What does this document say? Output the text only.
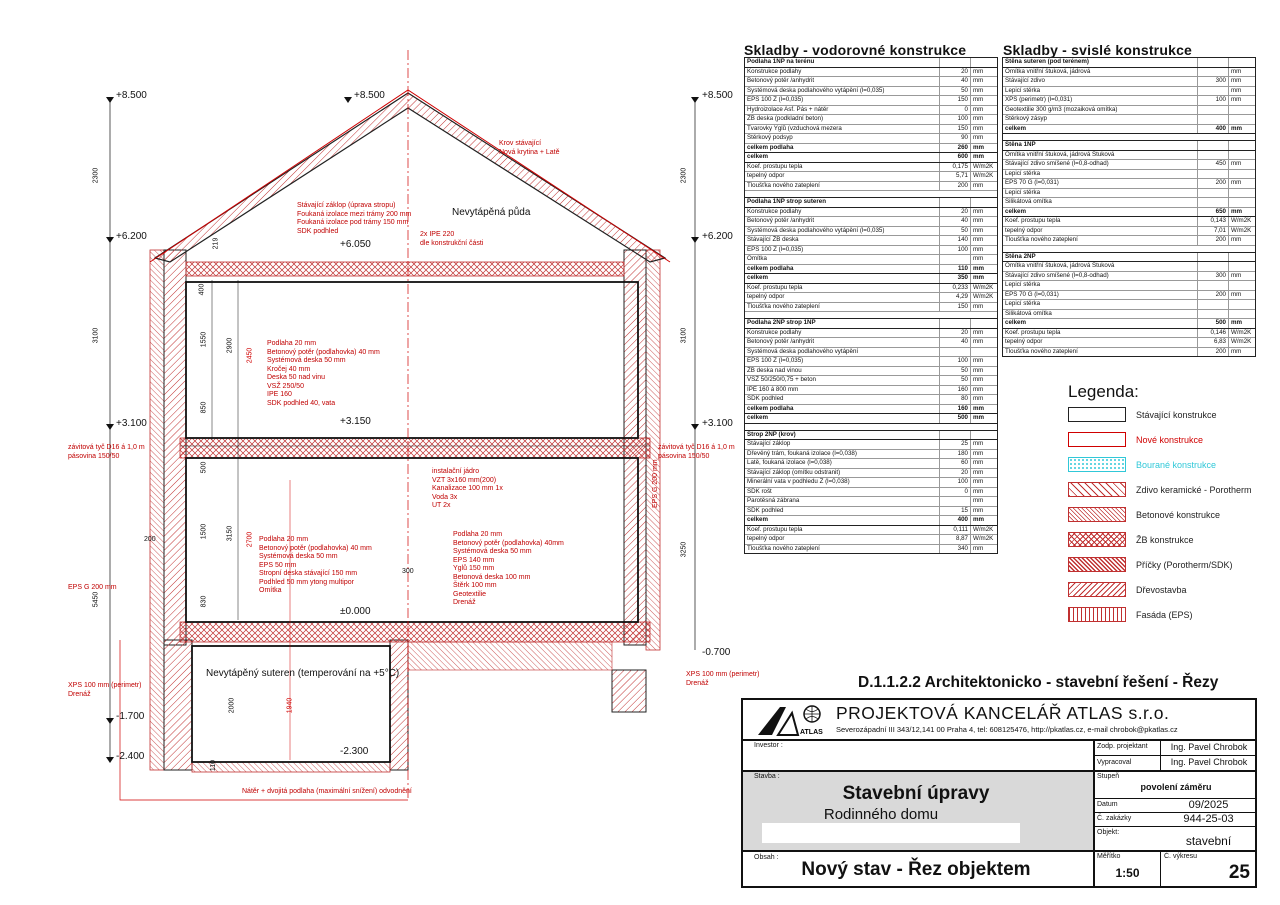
+8.500	+8.500	+8.500
+6.200	+6.200
+6.050
+3.100	+3.100
+3.150
±0.000
-0.700
-1.700
-2.400	-2.300
Nevytápěná půda
Nevytápěný suteren (temperování na +5°C)
2300
3100
5450
2300
3100
3250
1550	2900
2450
850
500
1500	3150 2700
830
2000	1940
200
300
219
400
110
Krov stávající
Nová krytina + Latě
Stávající záklop (úprava stropu)
Foukaná izolace mezi trámy 200 mm
Foukaná izolace pod trámy 150 mm
SDK podhled	2x IPE 220
dle konstrukční části
Podlaha 20 mm
Betonový potěr (podlahovka) 40 mm
Systémová deska 50 mm
Kročej 40 mm
Deska 50 nad vinu
VSŽ 250/50
IPE 160
SDK podhled 40, vata
závitová tyč D16 á 1,0 m
pásovina 150/50
závitová tyč D16 á 1,0 m
pásovina 150/50
instalační jádro
VZT 3x160 mm(200)
Kanalizace 100 mm 1x
Voda 3x
UT 2x
Podlaha 20 mm
Betonový potěr (podlahovka) 40 mm
Systémová deska 50 mm
EPS 50 mm
Stropní deska stávající 150 mm
Podhled 50 mm ytong multipor
Omítka
Podlaha 20 mm
Betonový potěr (podlahovka) 40mm
Systémová deska 50 mm
EPS 140 mm
Yglů 150 mm
Betonová deska 100 mm
Štěrk 100 mm
Geotextilie
Drenáž
XPS 100 mm (perimetr)
Drenáž
XPS 100 mm (perimetr)
Drenáž
EPS G 200 mm
EPS G 200 mm
Nátěr + dvojitá podlaha (maximální snížení) odvodnění
Skladby - vodorovné konstrukce	Skladby - svislé konstrukce
Podlaha 1NP na terénu
Konstrukce podlahy	20 mm
Betonový potěr /anhydrit	40 mm
Systémová deska podlahového vytápění (l=0,035)	50 mm
EPS 100 Z (l=0,035)	150 mm
Hydroizolace Asf. Pás + nátěr	0 mm
ŽB deska (podkladní beton)	100 mm
Tvarovky Yglů (vzduchová mezera	150 mm
Štěrkový podsyp	90 mm
celkem podlaha	260 mm
celkem	600 mm
Koef. prostupu tepla	0,175 W/m2K
tepelný odpor	5,71 W/m2K
Tloušťka nového zateplení	200 mm
Podlaha 1NP strop suteren
Konstrukce podlahy	20 mm
Betonový potěr /anhydrit	40 mm
Systémová deska podlahového vytápění (l=0,035)	50 mm
Stávající ŽB deska	140 mm
EPS 100 Z (l=0,035)	100 mm
Omítka	mm
celkem podlaha	110 mm
celkem	350 mm
Koef. prostupu tepla	0,233 W/m2K
tepelný odpor	4,29 W/m2K
Tloušťka nového zateplení	150 mm
Podlaha 2NP strop 1NP
Konstrukce podlahy	20 mm
Betonový potěr /anhydrit	40 mm
Systémová deska podlahového vytápění
EPS 100 Z (l=0,035)	100 mm
ŽB deska nad vinou	50 mm
VSŽ 50/250/0,75 + beton	50 mm
IPE 160 á 800 mm	160 mm
SDK podhled	80 mm
celkem podlaha	160 mm
celkem	500 mm
Strop 2NP (krov)
Stávající záklop	25 mm
Dřevěný trám, foukaná izolace (l=0,038)	180 mm
Latě, foukaná izolace (l=0,038)	60 mm
Stávající záklop (omítku odstranit)	20 mm
Minerální vata v podhledu Z (l=0,038)	100 mm
SDK rošt	0 mm
Parotěsná zábrana	mm
SDK podhled	15 mm
celkem	400 mm
Koef. prostupu tepla	0,111 W/m2K
tepelný odpor	8,87 W/m2K
Tloušťka nového zateplení	340 mm
Stěna suteren (pod terénem)
Omítka vnitřní štuková, jádrová	mm
Stávající zdivo	300 mm
Lepicí stěrka	mm
XPS (perimetr) (l=0,031)	100 mm
Geotextilie 300 g/m3 (mozaiková omítka)
Štěrkový zásyp
celkem	400 mm
Stěna 1NP
Omítka vnitřní štuková, jádrová Štuková
Stávající zdivo smíšené (l=0,8-odhad)	450 mm
Lepicí stěrka
EPS 70 G (l=0,031)	200 mm
Lepicí stěrka
Silikátová omítka
celkem	650 mm
Koef. prostupu tepla	0,143 W/m2K
tepelný odpor	7,01 W/m2K
Tloušťka nového zateplení	200 mm
Stěna 2NP
Omítka vnitřní štuková, jádrová Štuková
Stávající zdivo smíšené (l=0,8-odhad)	300 mm
Lepicí stěrka
EPS 70 G (l=0,031)	200 mm
Lepicí stěrka
Silikátová omítka
celkem	500 mm
Koef. prostupu tepla	0,146 W/m2K
tepelný odpor	6,83 W/m2K
Tloušťka nového zateplení	200 mm
Legenda:
Stávající konstrukce
Nové konstrukce
Bourané konstrukce
Zdivo keramické - Porotherm
Betonové konstrukce
ŽB konstrukce
Příčky (Porotherm/SDK)
Dřevostavba
Fasáda (EPS)
D.1.1.2.2 Architektonicko - stavební řešení - Řezy
ATLAS
PROJEKTOVÁ KANCELÁŘ ATLAS s.r.o.
Severozápadní III 343/12,141 00 Praha 4, tel: 608125476, http://pkatlas.cz, e-mail chrobok@pkatlas.cz
Investor :	Zodp. projektant	Ing. Pavel Chrobok
Vypracoval	Ing. Pavel Chrobok
Stavba :
Stavební úpravy
Rodinného domu
Stupeň
povolení záměru
Datum	09/2025
Č. zakázky	944-25-03
Objekt:
stavební
Obsah :
Nový stav - Řez objektem
Měřítko
1:50
Č. výkresu
25
